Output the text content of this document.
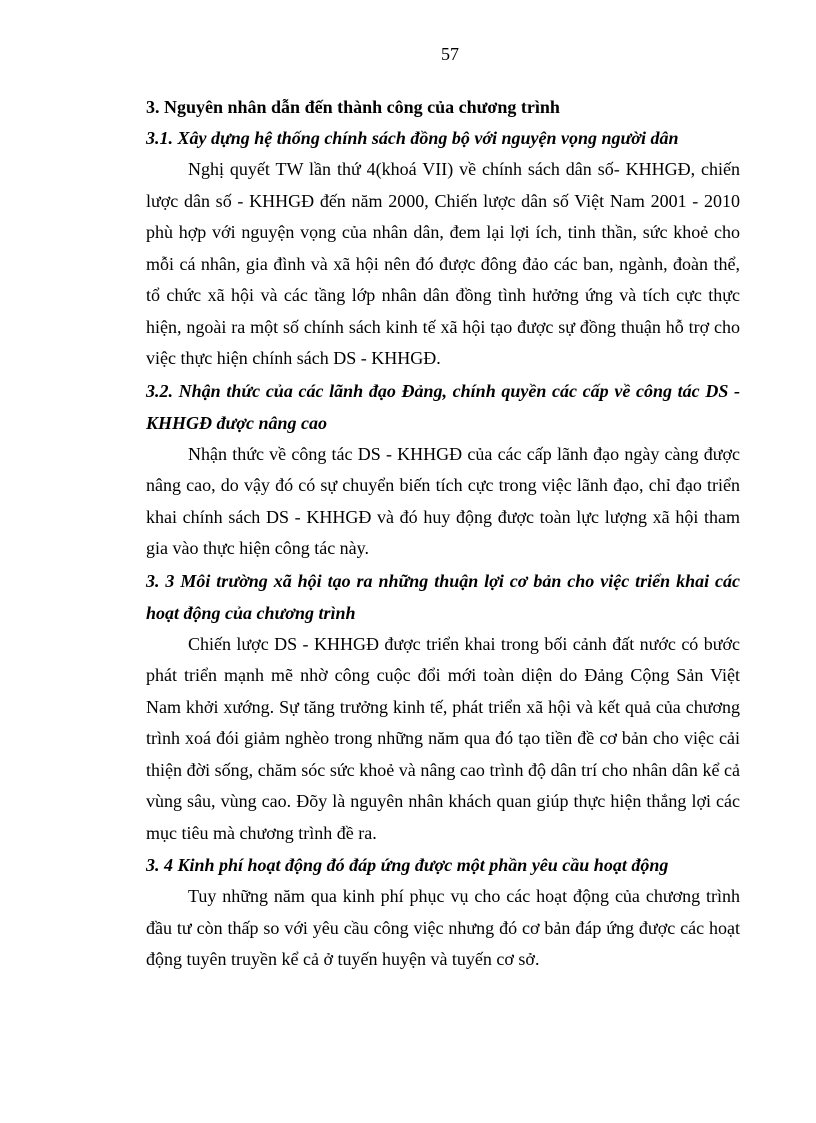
57

3. Nguyên nhân dẫn đến thành công của chương trình

3.1. Xây dựng hệ thống chính sách đồng bộ với nguyện vọng người dân

Nghị quyết TW lần thứ 4(khoá VII) về chính sách dân số- KHHGĐ, chiến lược dân số - KHHGĐ đến năm 2000, Chiến lược dân số Việt Nam 2001 - 2010 phù hợp với nguyện vọng của nhân dân, đem lại lợi ích, tinh thần, sức khoẻ cho mỗi cá nhân, gia đình và xã hội nên đó được đông đảo các ban, ngành, đoàn thể, tổ chức xã hội và các tầng lớp nhân dân đồng tình hưởng ứng và tích cực thực hiện, ngoài ra một số chính sách kinh tế xã hội tạo được sự đồng thuận hỗ trợ cho việc thực hiện chính sách DS - KHHGĐ.

3.2. Nhận thức của các lãnh đạo Đảng, chính quyền các cấp về công tác DS - KHHGĐ được nâng cao

Nhận thức về công tác DS - KHHGĐ của các cấp lãnh đạo ngày càng được nâng cao, do vậy đó có sự chuyển biến tích cực trong việc lãnh đạo, chỉ đạo triển khai chính sách DS - KHHGĐ và đó huy động được toàn lực lượng xã hội tham gia vào thực hiện công tác này.

3. 3 Môi trường xã hội tạo ra những thuận lợi cơ bản cho việc triển khai các hoạt động của chương trình

Chiến lược DS - KHHGĐ được triển khai trong bối cảnh đất nước có bước phát triển mạnh mẽ nhờ công cuộc đổi mới toàn diện do Đảng Cộng Sản Việt Nam khởi xướng. Sự tăng trưởng kinh tế, phát triển xã hội và kết quả của chương trình xoá đói giảm nghèo trong những năm qua đó tạo tiền đề cơ bản cho việc cải thiện đời sống, chăm sóc sức khoẻ và nâng cao trình độ dân trí cho nhân dân kể cả vùng sâu, vùng cao. Đõy là nguyên nhân khách quan giúp thực hiện thắng lợi các mục tiêu mà chương trình đề ra.

3. 4 Kinh phí hoạt động đó đáp ứng được một phần yêu cầu hoạt động

Tuy những năm qua kinh phí phục vụ cho các hoạt động của chương trình đầu tư còn thấp so với yêu cầu công việc nhưng đó cơ bản đáp ứng được các hoạt động tuyên truyền kể cả ở tuyến huyện và tuyến cơ sở.
